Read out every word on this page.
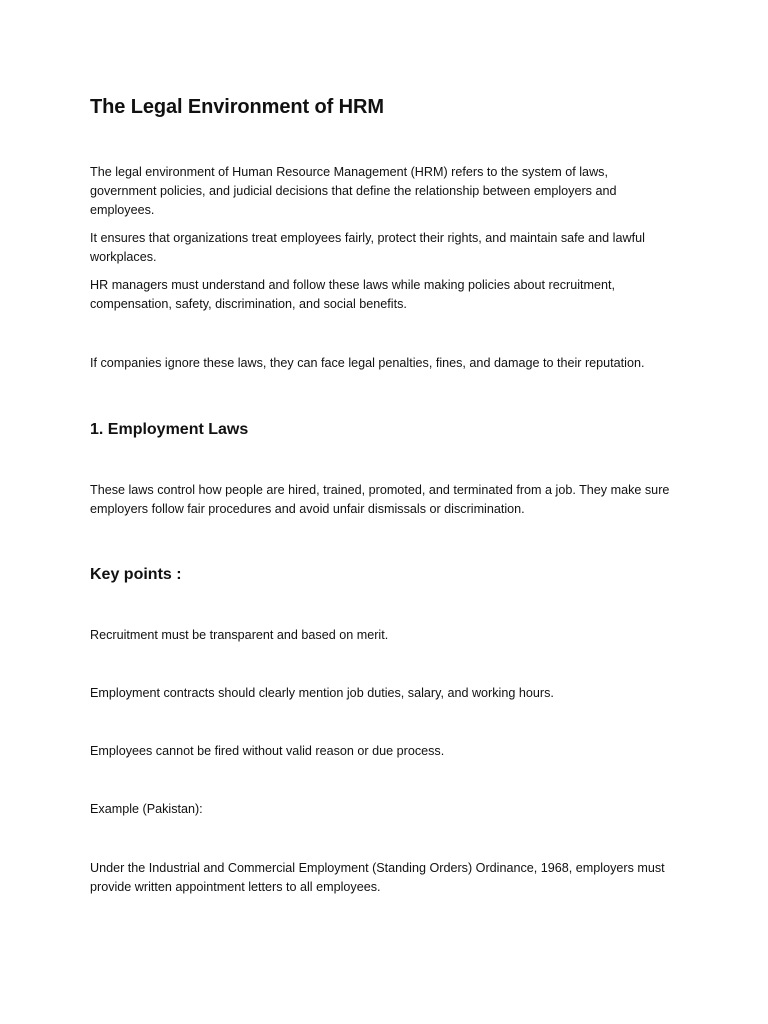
The Legal Environment of HRM

The legal environment of Human Resource Management (HRM) refers to the system of laws, government policies, and judicial decisions that define the relationship between employers and employees.

It ensures that organizations treat employees fairly, protect their rights, and maintain safe and lawful workplaces.

HR managers must understand and follow these laws while making policies about recruitment, compensation, safety, discrimination, and social benefits.

If companies ignore these laws, they can face legal penalties, fines, and damage to their reputation.

1. Employment Laws

These laws control how people are hired, trained, promoted, and terminated from a job. They make sure employers follow fair procedures and avoid unfair dismissals or discrimination.

Key points :

Recruitment must be transparent and based on merit.

Employment contracts should clearly mention job duties, salary, and working hours.

Employees cannot be fired without valid reason or due process.

Example (Pakistan):

Under the Industrial and Commercial Employment (Standing Orders) Ordinance, 1968, employers must provide written appointment letters to all employees.
